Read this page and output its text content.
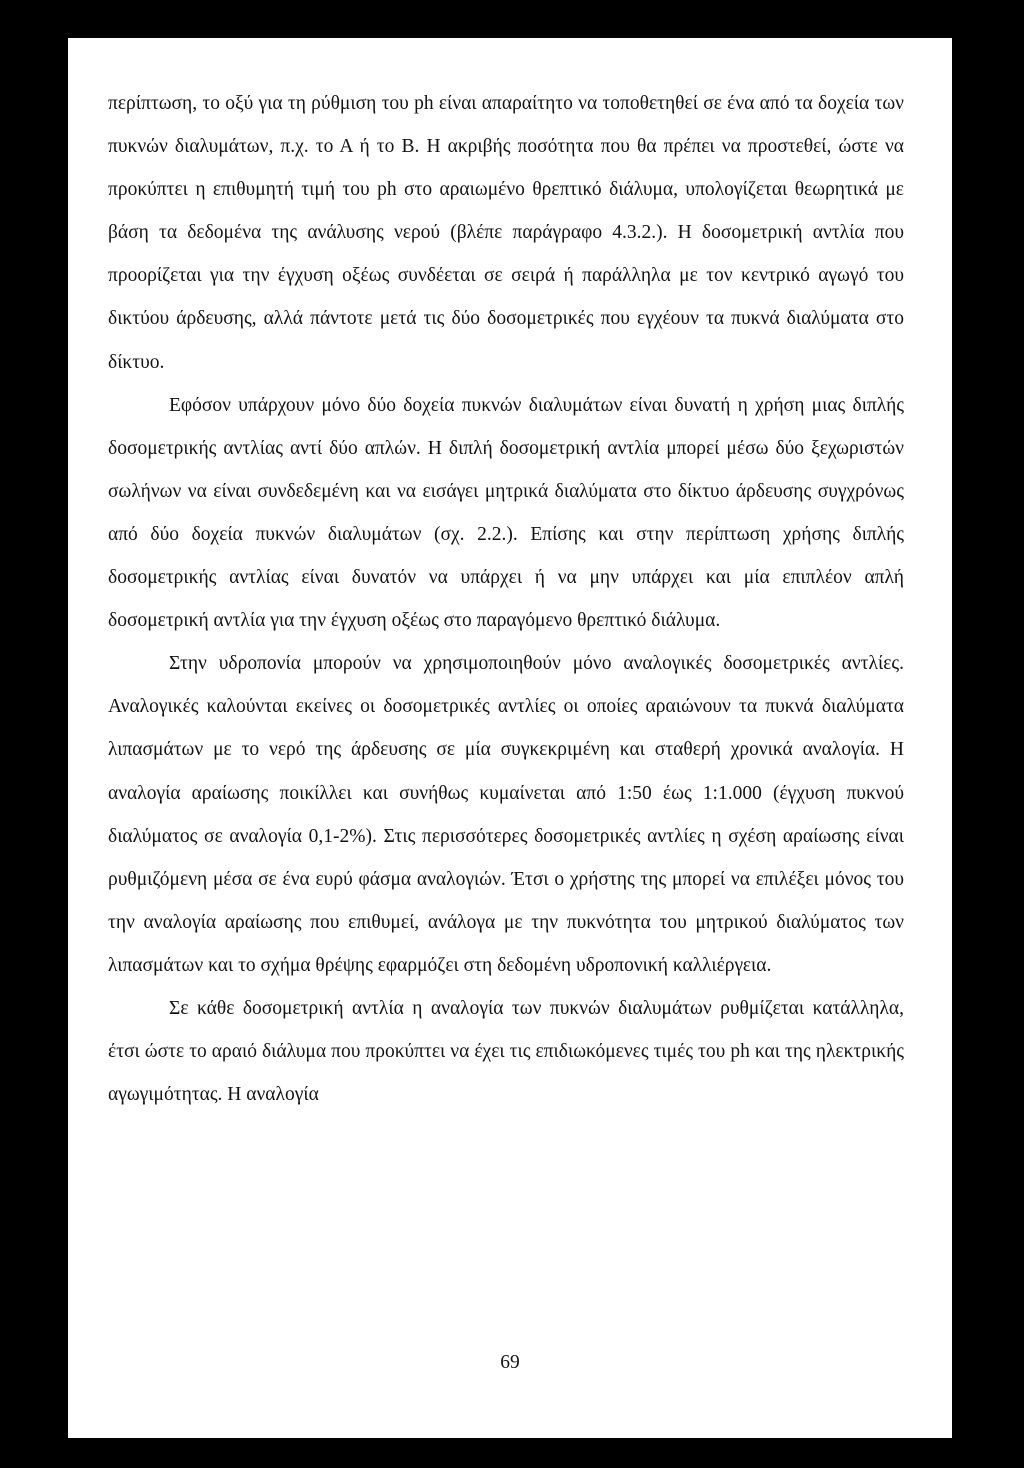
περίπτωση, το οξύ για τη ρύθμιση του ph είναι απαραίτητο να τοποθετηθεί σε ένα από τα δοχεία των πυκνών διαλυμάτων, π.χ. το Α ή το Β. Η ακριβής ποσότητα που θα πρέπει να προστεθεί, ώστε να προκύπτει η επιθυμητή τιμή του ph στο αραιωμένο θρεπτικό διάλυμα, υπολογίζεται θεωρητικά με βάση τα δεδομένα της ανάλυσης νερού (βλέπε παράγραφο 4.3.2.). Η δοσομετρική αντλία που προορίζεται για την έγχυση οξέως συνδέεται σε σειρά ή παράλληλα με τον κεντρικό αγωγό του δικτύου άρδευσης, αλλά πάντοτε μετά τις δύο δοσομετρικές που εγχέουν τα πυκνά διαλύματα στο δίκτυο.

Εφόσον υπάρχουν μόνο δύο δοχεία πυκνών διαλυμάτων είναι δυνατή η χρήση μιας διπλής δοσομετρικής αντλίας αντί δύο απλών. Η διπλή δοσομετρική αντλία μπορεί μέσω δύο ξεχωριστών σωλήνων να είναι συνδεδεμένη και να εισάγει μητρικά διαλύματα στο δίκτυο άρδευσης συγχρόνως από δύο δοχεία πυκνών διαλυμάτων (σχ. 2.2.). Επίσης και στην περίπτωση χρήσης διπλής δοσομετρικής αντλίας είναι δυνατόν να υπάρχει ή να μην υπάρχει και μία επιπλέον απλή δοσομετρική αντλία για την έγχυση οξέως στο παραγόμενο θρεπτικό διάλυμα.

Στην υδροπονία μπορούν να χρησιμοποιηθούν μόνο αναλογικές δοσομετρικές αντλίες. Αναλογικές καλούνται εκείνες οι δοσομετρικές αντλίες οι οποίες αραιώνουν τα πυκνά διαλύματα λιπασμάτων με το νερό της άρδευσης σε μία συγκεκριμένη και σταθερή χρονικά αναλογία. Η αναλογία αραίωσης ποικίλλει και συνήθως κυμαίνεται από 1:50 έως 1:1.000 (έγχυση πυκνού διαλύματος σε αναλογία 0,1-2%). Στις περισσότερες δοσομετρικές αντλίες η σχέση αραίωσης είναι ρυθμιζόμενη μέσα σε ένα ευρύ φάσμα αναλογιών. Έτσι ο χρήστης της μπορεί να επιλέξει μόνος του την αναλογία αραίωσης που επιθυμεί, ανάλογα με την πυκνότητα του μητρικού διαλύματος των λιπασμάτων και το σχήμα θρέψης εφαρμόζει στη δεδομένη υδροπονική καλλιέργεια.

Σε κάθε δοσομετρική αντλία η αναλογία των πυκνών διαλυμάτων ρυθμίζεται κατάλληλα, έτσι ώστε το αραιό διάλυμα που προκύπτει να έχει τις επιδιωκόμενες τιμές του ph και της ηλεκτρικής αγωγιμότητας. Η αναλογία

69
